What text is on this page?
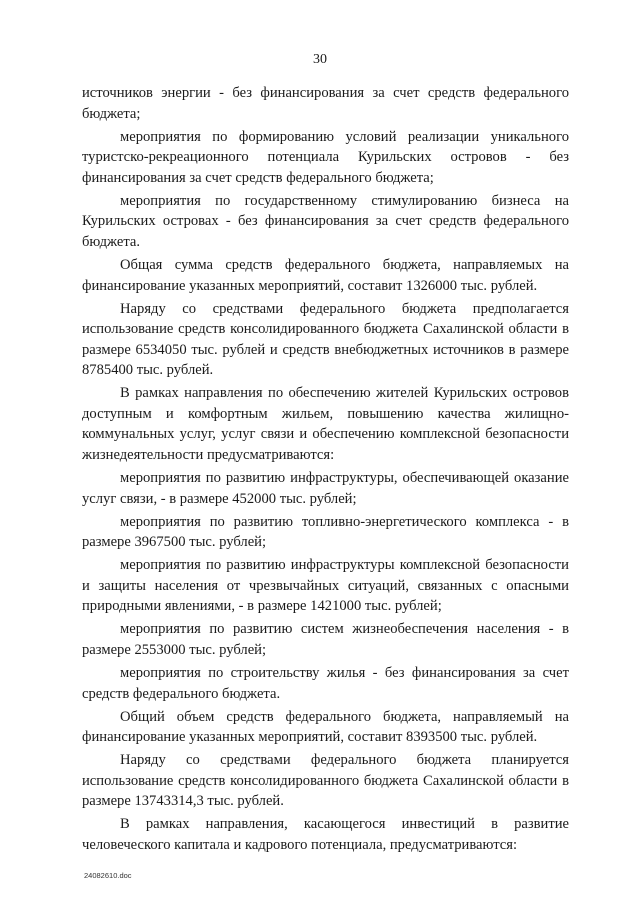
30

источников энергии - без финансирования за счет средств федерального бюджета;

мероприятия по формированию условий реализации уникального туристско-рекреационного потенциала Курильских островов - без финансирования за счет средств федерального бюджета;

мероприятия по государственному стимулированию бизнеса на Курильских островах - без финансирования за счет средств федерального бюджета.

Общая сумма средств федерального бюджета, направляемых на финансирование указанных мероприятий, составит 1326000 тыс. рублей.

Наряду со средствами федерального бюджета предполагается использование средств консолидированного бюджета Сахалинской области в размере 6534050 тыс. рублей и средств внебюджетных источников в размере 8785400 тыс. рублей.

В рамках направления по обеспечению жителей Курильских островов доступным и комфортным жильем, повышению качества жилищно-коммунальных услуг, услуг связи и обеспечению комплексной безопасности жизнедеятельности предусматриваются:

мероприятия по развитию инфраструктуры, обеспечивающей оказание услуг связи, - в размере 452000 тыс. рублей;

мероприятия по развитию топливно-энергетического комплекса - в размере 3967500 тыс. рублей;

мероприятия по развитию инфраструктуры комплексной безопасности и защиты населения от чрезвычайных ситуаций, связанных с опасными природными явлениями, - в размере 1421000 тыс. рублей;

мероприятия по развитию систем жизнеобеспечения населения - в размере 2553000 тыс. рублей;

мероприятия по строительству жилья - без финансирования за счет средств федерального бюджета.

Общий объем средств федерального бюджета, направляемый на финансирование указанных мероприятий, составит 8393500 тыс. рублей.

Наряду со средствами федерального бюджета планируется использование средств консолидированного бюджета Сахалинской области в размере 13743314,3 тыс. рублей.

В рамках направления, касающегося инвестиций в развитие человеческого капитала и кадрового потенциала, предусматриваются:

24082610.doc
